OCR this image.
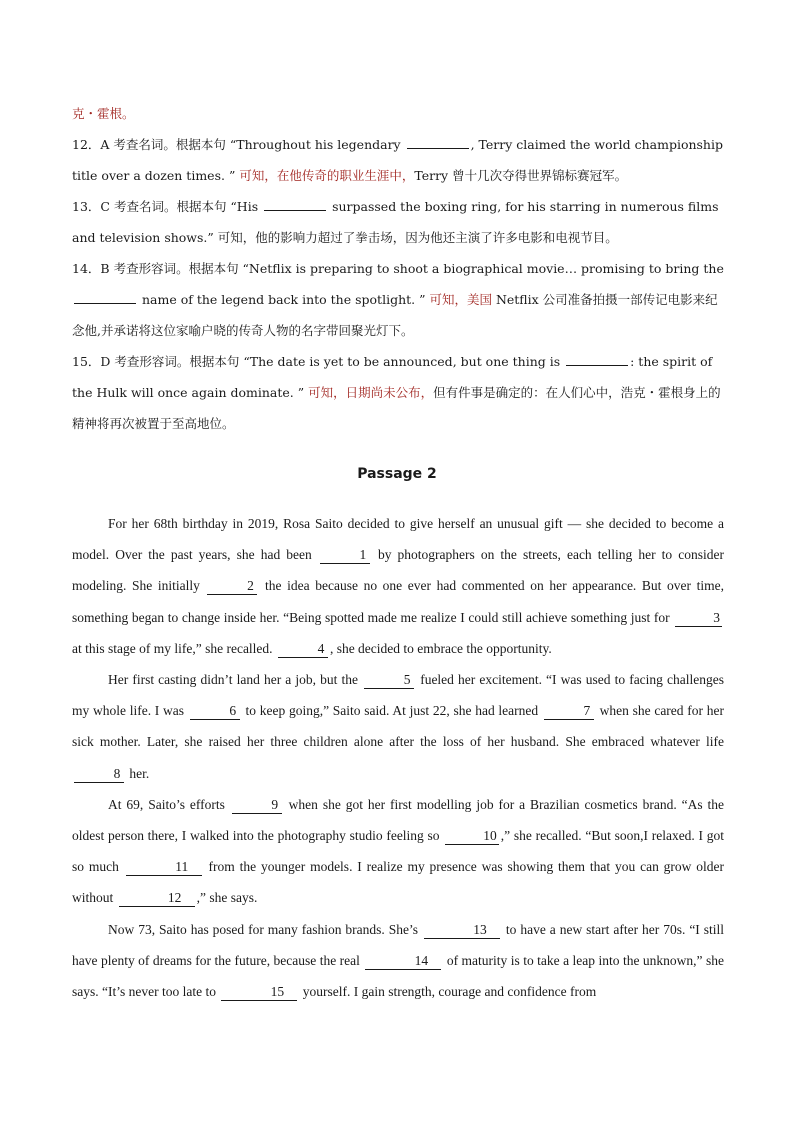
克・霍根。
12．A 考查名词。根据本句 “Throughout his legendary	, Terry claimed the world championship title over a dozen times. ” 可知，在他传奇的职业生涯中，Terry 曾十几次夺得世界锦标赛冠军。
13．C 考查名词。根据本句 “His	surpassed the boxing ring, for his starring in numerous films and television shows.” 可知，他的影响力超过了拳击场，因为他还主演了许多电影和电视节目。
14．B 考查形容词。根据本句 “Netflix is preparing to shoot a biographical movie… promising to bring the  name of the legend back into the spotlight. ” 可知，美国 Netflix 公司准备拍摄一部传记电影来纪念他,并承诺将这位家喻户晓的传奇人物的名字带回聚光灯下。
15．D 考查形容词。根据本句 “The date is yet to be announced, but one thing is	: the spirit of the Hulk will once again dominate. ” 可知，日期尚未公布，但有件事是确定的：在人们心中，浩克・霍根身上的精神将再次被置于至高地位。
Passage 2

For her 68th birthday in 2019, Rosa Saito decided to give herself an unusual gift — she decided to become a model. Over the past years, she had been	1 by photographers on the streets, each telling her to consider modeling. She initially	2 the idea because no one ever had commented on her appearance. But over time, something began to change inside her. “Being spotted made me realize I could still achieve something just for	3 at this stage of my life,” she recalled.	4 , she decided to embrace the opportunity.

Her first casting didn’t land her a job, but the	5 fueled her excitement. “I was used to facing challenges my whole life. I was	6 to keep going,” Saito said. At just 22, she had learned	7 when she cared for her sick mother. Later, she raised her three children alone after the loss of her husband. She embraced whatever life 8 her.

At 69, Saito’s efforts	9 when she got her first modelling job for a Brazilian cosmetics brand. “As the oldest person there, I walked into the photography studio feeling so	10 ,” she recalled. “But soon,I relaxed. I got so much	11 from the younger models. I realize my presence was showing them that you can grow older without	12 ,” she says.

Now 73, Saito has posed for many fashion brands. She’s	13 to have a new start after her 70s. “I still have plenty of dreams for the future, because the real	14 of maturity is to take a leap into the unknown,” she says. “It’s never too late to	15 yourself. I gain strength, courage and confidence from
